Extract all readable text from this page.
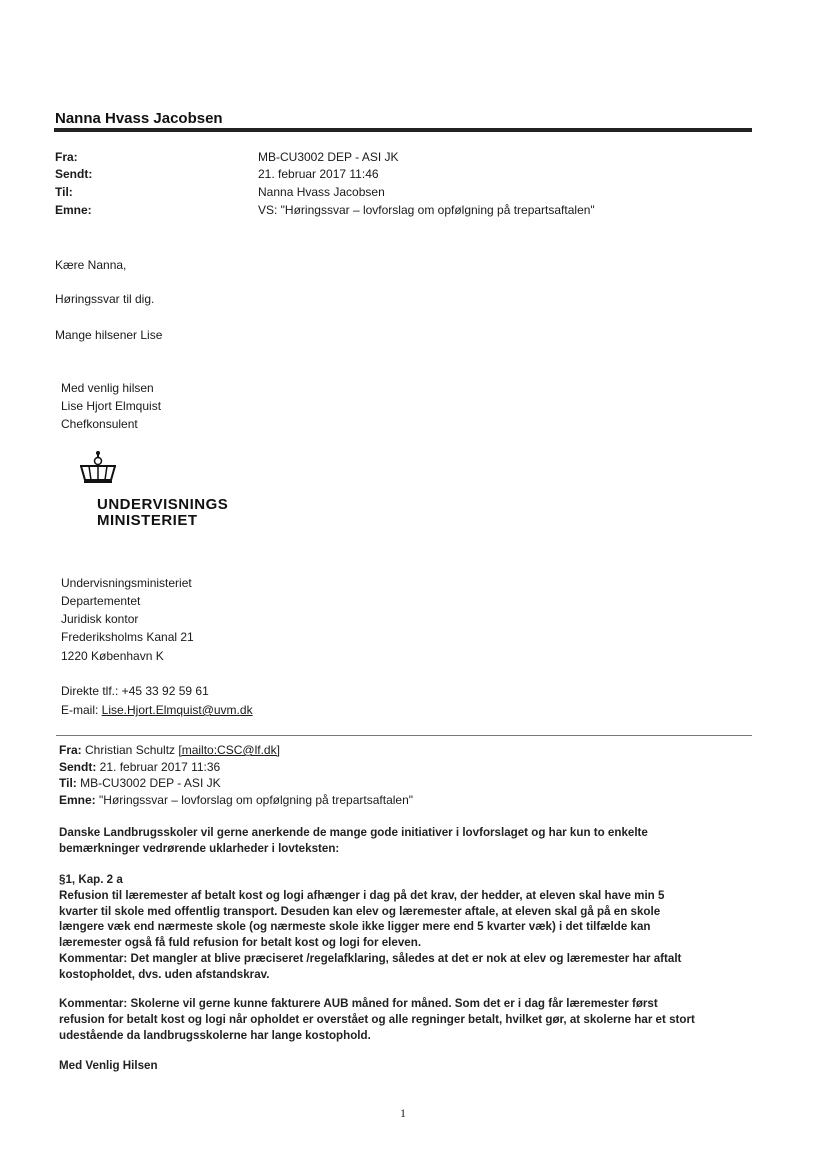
Nanna Hvass Jacobsen
Fra:	MB-CU3002 DEP - ASI JK
Sendt:	21. februar 2017 11:46
Til:	Nanna Hvass Jacobsen
Emne:	VS: "Høringssvar – lovforslag om opfølgning på trepartsaftalen"
Kære Nanna,
Høringssvar til dig.
Mange hilsener Lise
Med venlig hilsen
Lise Hjort Elmquist
Chefkonsulent
UNDERVISNINGS
MINISTERIET
Undervisningsministeriet
Departementet
Juridisk kontor
Frederiksholms Kanal 21
1220 København K
Direkte tlf.: +45 33 92 59 61
E-mail: Lise.Hjort.Elmquist@uvm.dk
Fra: Christian Schultz [mailto:CSC@lf.dk]
Sendt: 21. februar 2017 11:36
Til: MB-CU3002 DEP - ASI JK
Emne: "Høringssvar – lovforslag om opfølgning på trepartsaftalen"
Danske Landbrugsskoler vil gerne anerkende de mange gode initiativer i lovforslaget og har kun to enkelte
bemærkninger vedrørende uklarheder i lovteksten:
§1, Kap. 2 a
Refusion til læremester af betalt kost og logi afhænger i dag på det krav, der hedder, at eleven skal have min 5
kvarter til skole med offentlig transport. Desuden kan elev og læremester aftale, at eleven skal gå på en skole
længere væk end nærmeste skole (og nærmeste skole ikke ligger mere end 5 kvarter væk) i det tilfælde kan
læremester også få fuld refusion for betalt kost og logi for eleven.
Kommentar: Det mangler at blive præciseret /regelafklaring, således at det er nok at elev og læremester har aftalt
kostopholdet, dvs. uden afstandskrav.
Kommentar: Skolerne vil gerne kunne fakturere AUB måned for måned. Som det er i dag får læremester først
refusion for betalt kost og logi når opholdet er overstået og alle regninger betalt, hvilket gør, at skolerne har et stort
udestående da landbrugsskolerne har lange kostophold.
Med Venlig Hilsen
1
